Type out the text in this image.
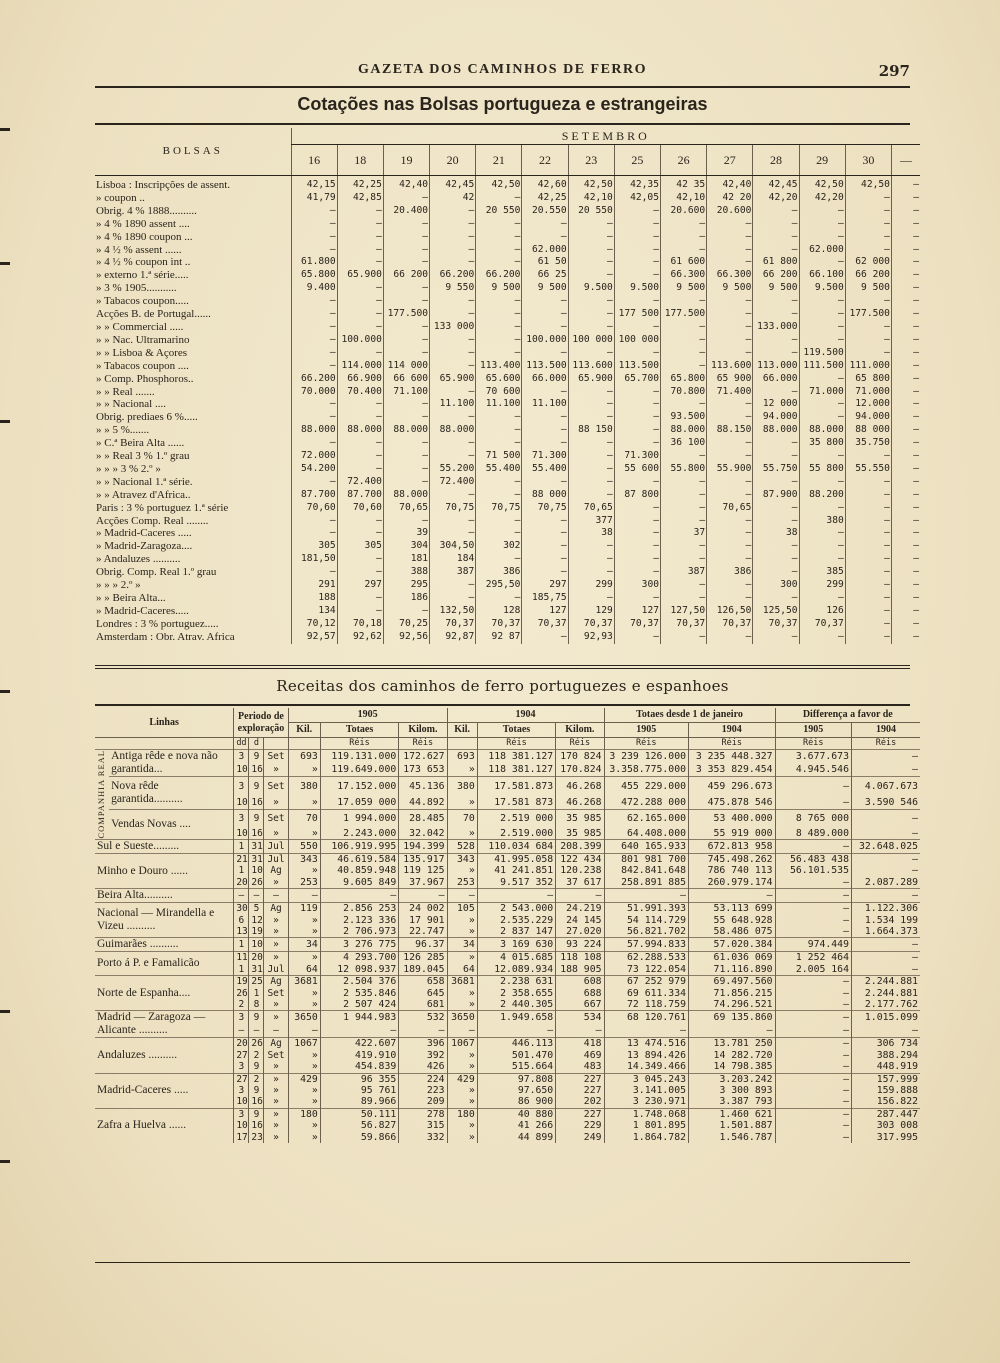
GAZETA DOS CAMINHOS DE FERRO	297
Cotações nas Bolsas portugueza e estrangeiras
BOLSAS	SETEMBRO													
	16	18	19	20	21	22	23	25	26	27	28	29	30	—
Lisboa : Inscripções de assent.	42,15	42,25	42,40	42,45	42,50	42,60	42,50	42,35	42 35	42,40	42,45	42,50	42,50	—
» coupon ..	41,79	42,85	—	42	—	42,25	42,10	42,05	42,10	42 20	42,20	42,20	—	—
Obrig. 4 % 1888..........	—	—	20.400	—	20 550	20.550	20 550	—	20.600	20.600	—	—	—	—
» 4 % 1890 assent ....	—	—	—	—	—	—	—	—	—	—	—	—	—	—
» 4 % 1890 coupon ...	—	—	—	—	—	—	—	—	—	—	—	—	—	—
» 4 ½ % assent ......	—	—	—	—	—	62.000	—	—	—	—	—	62.000	—	—
» 4 ½ % coupon int ..	61.800	—	—	—	—	61 50	—	—	61 600	—	61 800	—	62 000	—
» externo 1.ª série.....	65.800	65.900	66 200	66.200	66.200	66 25	—	—	66.300	66.300	66 200	66.100	66 200	—
» 3 % 1905...........	9.400	—	—	9 550	9 500	9 500	9.500	9.500	9 500	9 500	9 500	9.500	9 500	—
» Tabacos coupon.....	—	—	—	—	—	—	—	—	—	—	—	—	—	—
Acções B. de Portugal......	—	—	177.500	—	—	—	—	177 500	177.500	—	—	—	177.500	—
» » Commercial .....	—	—	—	133 000	—	—	—	—	—	—	133.000	—	—	—
» » Nac. Ultramarino	—	100.000	—	—	—	100.000	100 000	100 000	—	—	—	—	—	—
» » Lisboa & Açores	—	—	—	—	—	—	—	—	—	—	—	119.500	—	—
» Tabacos coupon ....	—	114.000	114 000	—	113.400	113.500	113.600	113.500	—	113.600	113.000	111.500	111.000	—
» Comp. Phosphoros..	66.200	66.900	66 600	65.900	65.600	66.000	65.900	65.700	65.800	65 900	66.000	—	65 800	—
» » Real .......	70.000	70.400	71.100	—	70 600	—	—	—	70.800	71.400	—	71.000	71.000	—
» » Nacional ....	—	—	—	11.100	11.100	11.100	—	—	—	—	12 000	—	12.000	—
Obrig. prediaes 6 %.....	—	—	—	—	—	—	—	—	93.500	—	94.000	—	94.000	—
» » 5 %.......	88.000	88.000	88.000	88.000	—	—	88 150	—	88.000	88.150	88.000	88.000	88 000	—
» C.ª Beira Alta ......	—	—	—	—	—	—	—	—	36 100	—	—	35 800	35.750	—
» » Real 3 % 1.º grau	72.000	—	—	—	71 500	71.300	—	71.300	—	—	—	—	—	—
» » » 3 % 2.º »	54.200	—	—	55.200	55.400	55.400	—	55 600	55.800	55.900	55.750	55 800	55.550	—
» » Nacional 1.ª série.	—	72.400	—	72.400	—	—	—	—	—	—	—	—	—	—
» » Atravez d'Africa..	87.700	87.700	88.000	—	—	88 000	—	87 800	—	—	87.900	88.200	—	—
Paris : 3 % portuguez 1.ª série	70,60	70,60	70,65	70,75	70,75	70,75	70,65	—	—	70,65	—	—	—	—
Acções Comp. Real ........	—	—	—	—	—	—	377	—	—	—	—	380	—	—
» Madrid-Caceres .....	—	—	39	—	—	—	38	—	37	—	38	—	—	—
» Madrid-Zaragoza....	305	305	304	304,50	302	—	—	—	—	—	—	—	—	—
» Andaluzes ..........	181,50	—	181	184	—	—	—	—	—	—	—	—	—	—
Obrig. Comp. Real 1.º grau	—	—	388	387	386	—	—	—	387	386	—	385	—	—
» » » 2.º »	291	297	295	—	295,50	297	299	300	—	—	300	299	—	—
» » Beira Alta...	188	—	186	—	—	185,75	—	—	—	—	—	—	—	—
» Madrid-Caceres.....	134	—	—	132,50	128	127	129	127	127,50	126,50	125,50	126	—	—
Londres : 3 % portuguez.....	70,12	70,18	70,25	70,37	70,37	70,37	70,37	70,37	70,37	70,37	70,37	70,37	—	—
Amsterdam : Obr. Atrav. Africa	92,57	92,62	92,56	92,87	92 87	—	92,93	—	—	—	—	—	—	—
Receitas dos caminhos de ferro portuguezes e espanhoes
Linhas		Periodo de exploração			1905			1904			Totaes desde 1 de janeiro		Differença a favor de	
					Kil.	Totaes	Kilom.	Kil.	Totaes	Kilom.	1905	1904	1905	1904
		dd	d			Réis	Réis		Réis	Réis	Réis	Réis	Réis	Réis

COMPANHIA REAL	Antiga rêde e nova não garantida...	3	9	Set	693	119.131.000	172.627	693	118 381.127	170 824	3 239 126.000	3 235 448.327	3.677.673	—
		10	16	»	»	119.649.000	173 653	»	118 381.127	170.824	3.358.775.000	3 353 829.454	4.945.546	—
	Nova rêde garantida..........	3	9	Set	380	17.152.000	45.136	380	17.581.873	46.268	455 229.000	459 296.673	—	4.067.673
		10	16	»	»	17.059 000	44.892	»	17.581 873	46.268	472.288 000	475.878 546	—	3.590 546
	Vendas Novas ....	3	9	Set	70	1 994.000	28.485	70	2.519 000	35 985	62.165.000	53 400.000	8 765 000	—
		10	16	»	»	2.243.000	32.042	»	2.519.000	35 985	64.408.000	55 919 000	8 489.000	—
Sul e Sueste.........		1	31	Jul	550	106.919.995	194.399	528	110.034 684	208.399	640 165.933	672.813 958	—	32.648.025
Minho e Douro ......		21	31	Jul	343	46.619.584	135.917	343	41.995.058	122 434	801 981 700	745.498.262	56.483 438	—
		1	10	Ag	»	40.859.948	119 125	»	41 241.851	120.238	842.841.648	786 740 113	56.101.535	—
		20	26	»	253	9.605 849	37.967	253	9.517 352	37 617	258.891 885	260.979.174	—	2.087.289
Beira Alta..........		—	—	—	—	—	—	—	—	—	—	—	—	—
Nacional — Mirandella e Vizeu ..........		30	5	Ag	119	2.856 253	24 002	105	2 543.000	24.219	51.991.393	53.113 699	—	1.122.306
		6	12	»	»	2.123 336	17 901	»	2.535.229	24 145	54 114.729	55 648.928	—	1.534 199
		13	19	»	»	2 706.973	22.747	»	2 837 147	27.020	56.821.702	58.486 075	—	1.664.373
Guimarães ..........		1	10	»	34	3 276 775	96.37	34	3 169 630	93 224	57.994.833	57.020.384	974.449	—
Porto á P. e Famalicão		11	20	»	»	4 293.700	126 285	»	4 015.685	118 108	62.288.533	61.036 069	1 252 464	—
		1	31	Jul	64	12 098.937	189.045	64	12.089.934	188 905	73 122.054	71.116.890	2.005 164	—
Norte de Espanha....		19	25	Ag	3681	2.504 376	658	3681	2.238 631	608	67 252 979	69.497.560	—	2.244.881
		26	1	Set	»	2 535.846	645	»	2 358.655	688	69 611.334	71.856.215	—	2.244.881
		2	8	»	»	2 507 424	681	»	2 440.305	667	72 118.759	74.296.521	—	2.177.762
Madrid — Zaragoza — Alicante ..........		3	9	»	3650	1 944.983	532	3650	1.949.658	534	68 120.761	69 135.860	—	1.015.099
		—	—	—	—	—	—	—	—	—	—	—	—	—
Andaluzes ..........		20	26	Ag	1067	422.607	396	1067	446.113	418	13 474.516	13.781 250	—	306 734
		27	2	Set	»	419.910	392	»	501.470	469	13 894.426	14 282.720	—	388.294
		3	9	»	»	454.839	426	»	515.664	483	14.349.466	14 798.385	—	448.919
Madrid-Caceres .....		27	2	»	429	96 355	224	429	97.808	227	3 045.243	3.203.242	—	157.999
		3	9	»	»	95 761	223	»	97.650	227	3.141.005	3 300 893	—	159.888
		10	16	»	»	89.966	209	»	86 900	202	3 230.971	3.387 793	—	156.822
Zafra a Huelva ......		3	9	»	180	50.111	278	180	40 880	227	1.748.068	1.460 621	—	287.447
		10	16	»	»	56.827	315	»	41 266	229	1 801.895	1.501.887	—	303 008
		17	23	»	»	59.866	332	»	44 899	249	1.864.782	1.546.787	—	317.995
